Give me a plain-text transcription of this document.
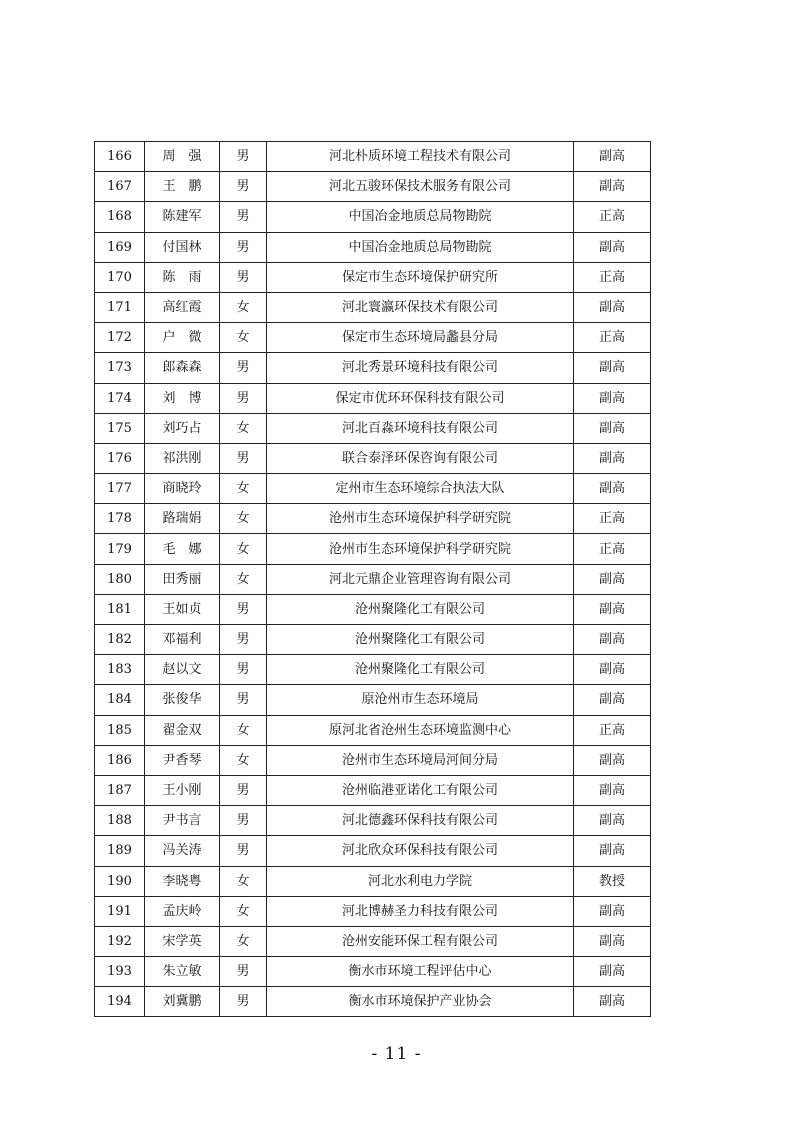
166	周　强	男	河北朴质环境工程技术有限公司	副高
167	王　鹏	男	河北五骏环保技术服务有限公司	副高
168	陈建军	男	中国冶金地质总局物勘院	正高
169	付国林	男	中国冶金地质总局物勘院	副高
170	陈　雨	男	保定市生态环境保护研究所	正高
171	高红霞	女	河北寰瀛环保技术有限公司	副高
172	户　微	女	保定市生态环境局蠡县分局	正高
173	郎森森	男	河北秀景环境科技有限公司	副高
174	刘　博	男	保定市优环环保科技有限公司	副高
175	刘巧占	女	河北百淼环境科技有限公司	副高
176	祁洪刚	男	联合泰泽环保咨询有限公司	副高
177	商晓玲	女	定州市生态环境综合执法大队	副高
178	路瑞娟	女	沧州市生态环境保护科学研究院	正高
179	毛　娜	女	沧州市生态环境保护科学研究院	正高
180	田秀丽	女	河北元鼎企业管理咨询有限公司	副高
181	王如贞	男	沧州聚隆化工有限公司	副高
182	邓福利	男	沧州聚隆化工有限公司	副高
183	赵以文	男	沧州聚隆化工有限公司	副高
184	张俊华	男	原沧州市生态环境局	副高
185	翟金双	女	原河北省沧州生态环境监测中心	正高
186	尹香琴	女	沧州市生态环境局河间分局	副高
187	王小刚	男	沧州临港亚诺化工有限公司	副高
188	尹书言	男	河北德鑫环保科技有限公司	副高
189	冯关涛	男	河北欣众环保科技有限公司	副高
190	李晓粤	女	河北水利电力学院	教授
191	孟庆岭	女	河北博赫圣力科技有限公司	副高
192	宋学英	女	沧州安能环保工程有限公司	副高
193	朱立敏	男	衡水市环境工程评估中心	副高
194	刘冀鹏	男	衡水市环境保护产业协会	副高
- 11 -
